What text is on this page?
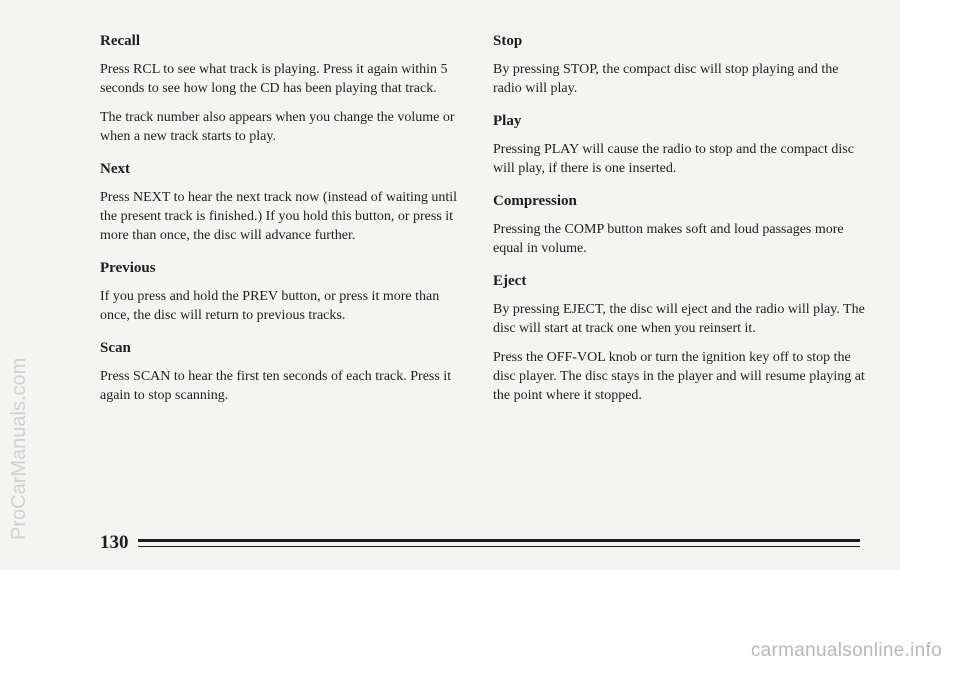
Recall

Press RCL to see what track is playing. Press it again within 5 seconds to see how long the CD has been playing that track.

The track number also appears when you change the volume or when a new track starts to play.

Next

Press NEXT to hear the next track now (instead of waiting until the present track is finished.) If you hold this button, or press it more than once, the disc will advance further.

Previous

If you press and hold the PREV button, or press it more than once, the disc will return to previous tracks.

Scan

Press SCAN to hear the first ten seconds of each track. Press it again to stop scanning.

Stop

By pressing STOP, the compact disc will stop playing and the radio will play.

Play

Pressing PLAY will cause the radio to stop and the compact disc will play, if there is one inserted.

Compression

Pressing the COMP button makes soft and loud passages more equal in volume.

Eject

By pressing EJECT, the disc will eject and the radio will play. The disc will start at track one when you reinsert it.

Press the OFF-VOL knob or turn the ignition key off to stop the disc player. The disc stays in the player and will resume playing at the point where it stopped.

130
ProCarManuals.com
carmanualsonline.info
